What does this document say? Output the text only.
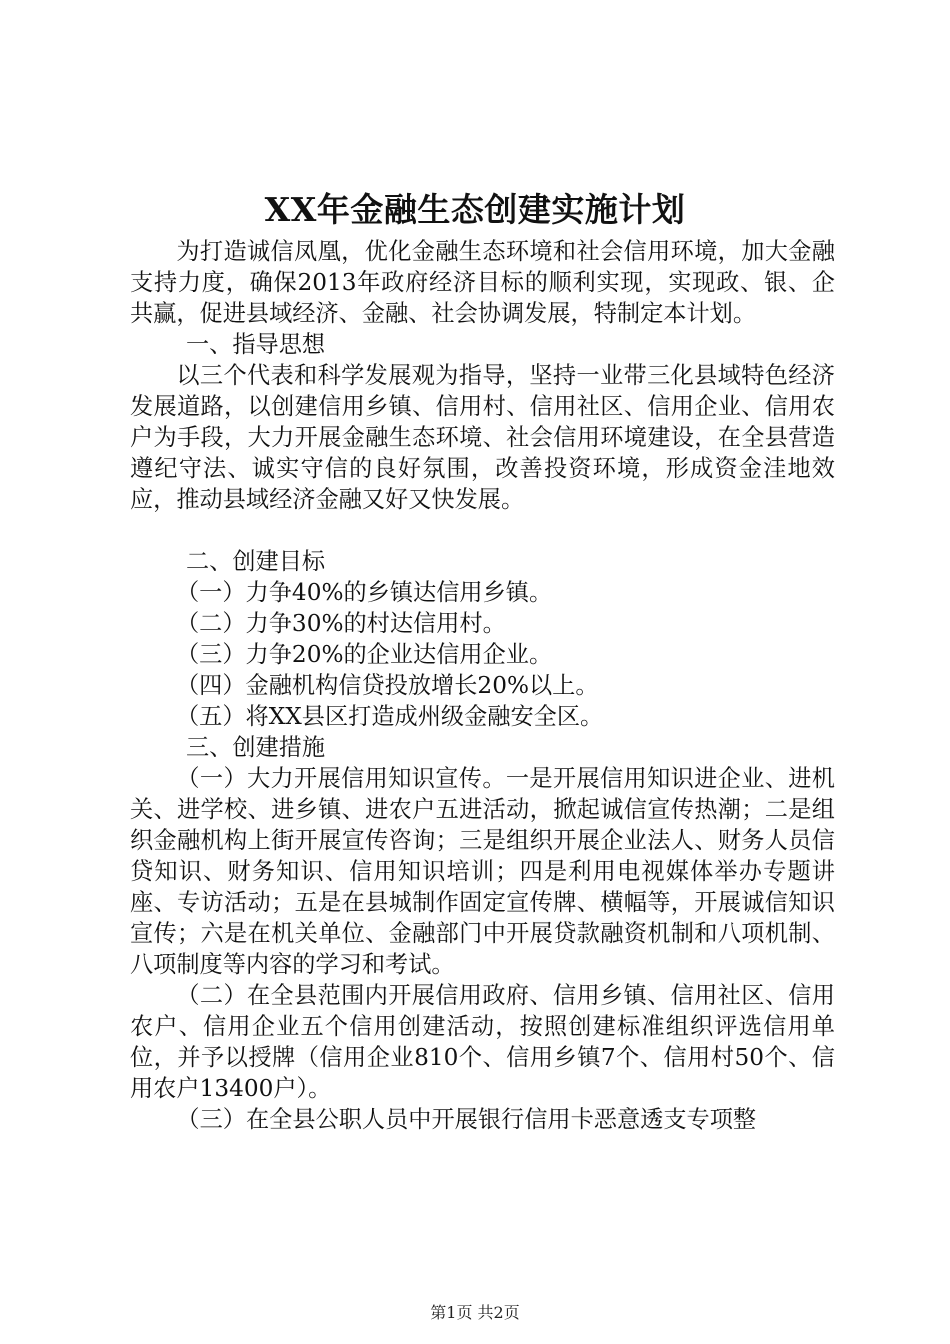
XX年金融生态创建实施计划

为打造诚信凤凰，优化金融生态环境和社会信用环境，加大金融支持力度，确保2013年政府经济目标的顺利实现，实现政、银、企共赢，促进县域经济、金融、社会协调发展，特制定本计划。

一、指导思想

以三个代表和科学发展观为指导，坚持一业带三化县域特色经济发展道路，以创建信用乡镇、信用村、信用社区、信用企业、信用农户为手段，大力开展金融生态环境、社会信用环境建设，在全县营造遵纪守法、诚实守信的良好氛围，改善投资环境，形成资金洼地效应，推动县域经济金融又好又快发展。

二、创建目标

（一）力争40%的乡镇达信用乡镇。

（二）力争30%的村达信用村。

（三）力争20%的企业达信用企业。

（四）金融机构信贷投放增长20%以上。

（五）将XX县区打造成州级金融安全区。

三、创建措施

（一）大力开展信用知识宣传。一是开展信用知识进企业、进机关、进学校、进乡镇、进农户五进活动，掀起诚信宣传热潮；二是组织金融机构上街开展宣传咨询；三是组织开展企业法人、财务人员信贷知识、财务知识、信用知识培训；四是利用电视媒体举办专题讲座、专访活动；五是在县城制作固定宣传牌、横幅等，开展诚信知识宣传；六是在机关单位、金融部门中开展贷款融资机制和八项机制、八项制度等内容的学习和考试。

（二）在全县范围内开展信用政府、信用乡镇、信用社区、信用农户、信用企业五个信用创建活动，按照创建标准组织评选信用单位，并予以授牌（信用企业810个、信用乡镇7个、信用村50个、信用农户13400户）。

（三）在全县公职人员中开展银行信用卡恶意透支专项整

第1页 共2页
